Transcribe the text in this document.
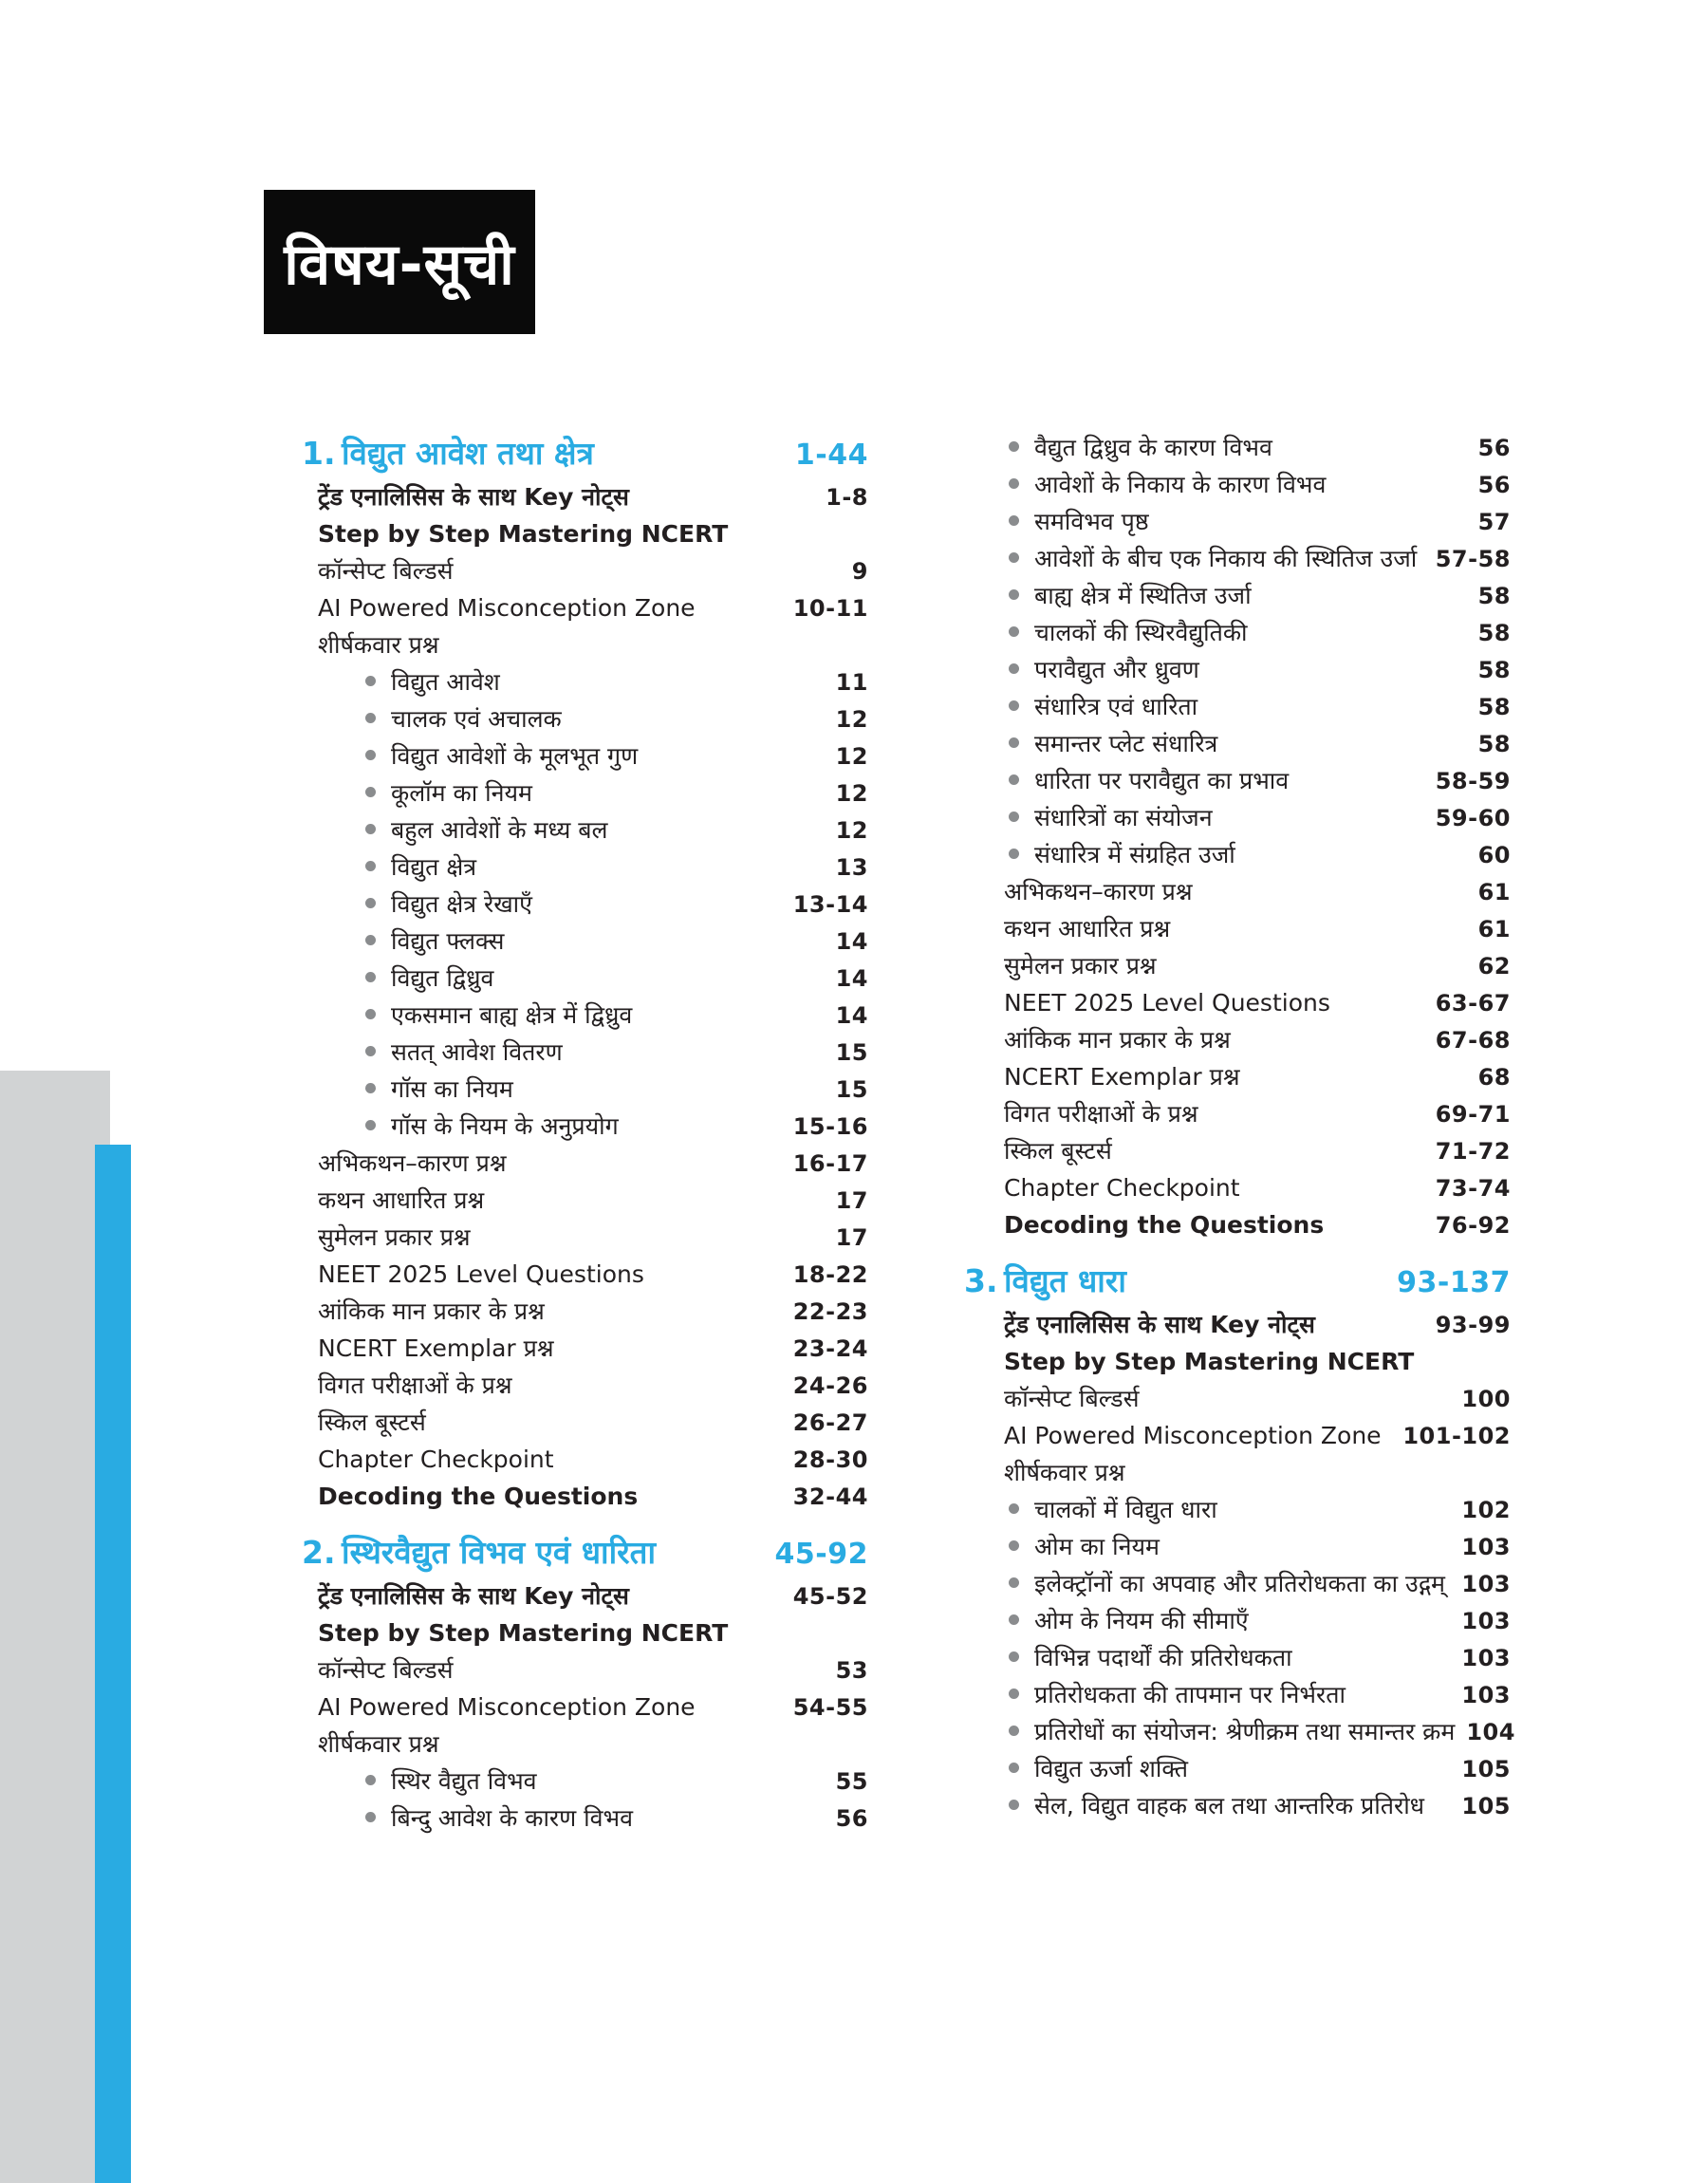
विषय-सूची
1. विद्युत आवेश तथा क्षेत्र	1-44
ट्रेंड एनालिसिस के साथ Key नोट्स	1-8
Step by Step Mastering NCERT
कॉन्सेप्ट बिल्डर्स	9
AI Powered Misconception Zone	10-11
शीर्षकवार प्रश्न
विद्युत आवेश	11
चालक एवं अचालक	12
विद्युत आवेशों के मूलभूत गुण	12
कूलॉम का नियम	12
बहुल आवेशों के मध्य बल	12
विद्युत क्षेत्र	13
विद्युत क्षेत्र रेखाएँ	13-14
विद्युत फ्लक्स	14
विद्युत द्विध्रुव	14
एकसमान बाह्य क्षेत्र में द्विध्रुव	14
सतत् आवेश वितरण	15
गॉस का नियम	15
गॉस के नियम के अनुप्रयोग	15-16
अभिकथन–कारण प्रश्न	16-17
कथन आधारित प्रश्न	17
सुमेलन प्रकार प्रश्न	17
NEET 2025 Level Questions	18-22
आंकिक मान प्रकार के प्रश्न	22-23
NCERT Exemplar प्रश्न	23-24
विगत परीक्षाओं के प्रश्न	24-26
स्किल बूस्टर्स	26-27
Chapter Checkpoint	28-30
Decoding the Questions	32-44
2. स्थिरवैद्युत विभव एवं धारिता	45-92
ट्रेंड एनालिसिस के साथ Key नोट्स	45-52
Step by Step Mastering NCERT
कॉन्सेप्ट बिल्डर्स	53
AI Powered Misconception Zone	54-55
शीर्षकवार प्रश्न
स्थिर वैद्युत विभव	55
बिन्दु आवेश के कारण विभव	56
वैद्युत द्विध्रुव के कारण विभव	56
आवेशों के निकाय के कारण विभव	56
समविभव पृष्ठ	57
आवेशों के बीच एक निकाय की स्थितिज उर्जा 57-58
बाह्य क्षेत्र में स्थितिज उर्जा	58
चालकों की स्थिरवैद्युतिकी	58
परावैद्युत और ध्रुवण	58
संधारित्र एवं धारिता	58
समान्तर प्लेट संधारित्र	58
धारिता पर परावैद्युत का प्रभाव	58-59
संधारित्रों का संयोजन	59-60
संधारित्र में संग्रहित उर्जा	60
अभिकथन–कारण प्रश्न	61
कथन आधारित प्रश्न	61
सुमेलन प्रकार प्रश्न	62
NEET 2025 Level Questions	63-67
आंकिक मान प्रकार के प्रश्न	67-68
NCERT Exemplar प्रश्न	68
विगत परीक्षाओं के प्रश्न	69-71
स्किल बूस्टर्स	71-72
Chapter Checkpoint	73-74
Decoding the Questions	76-92
3. विद्युत धारा	93-137
ट्रेंड एनालिसिस के साथ Key नोट्स	93-99
Step by Step Mastering NCERT
कॉन्सेप्ट बिल्डर्स	100
AI Powered Misconception Zone 101-102
शीर्षकवार प्रश्न
चालकों में विद्युत धारा	102
ओम का नियम	103
इलेक्ट्रॉनों का अपवाह और प्रतिरोधकता का उद्गम् 103
ओम के नियम की सीमाएँ	103
विभिन्न पदार्थों की प्रतिरोधकता	103
प्रतिरोधकता की तापमान पर निर्भरता	103
प्रतिरोधों का संयोजन: श्रेणीक्रम तथा समान्तर क्रम 104
विद्युत ऊर्जा शक्ति	105
सेल, विद्युत वाहक बल तथा आन्तरिक प्रतिरोध	105
